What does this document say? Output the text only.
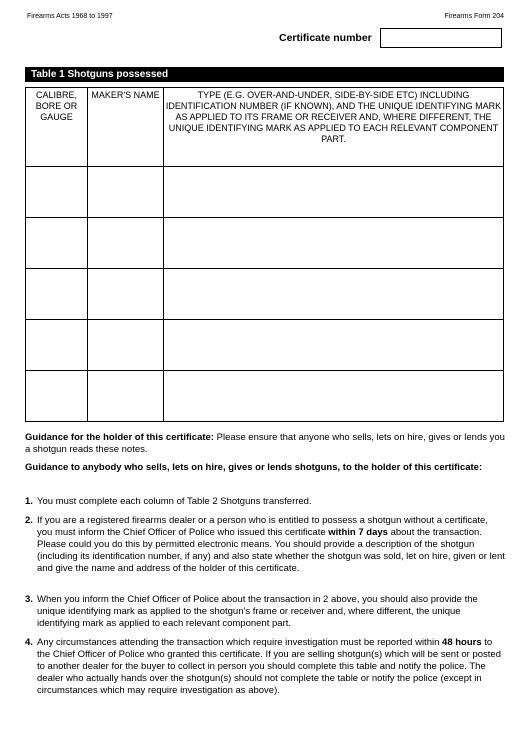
Firearms Acts 1968 to 1997	Firearms Form 204
Certificate number
Table 1 Shotguns possessed
CALIBRE, BORE OR GAUGE	MAKER'S NAME	TYPE (E.G. OVER-AND-UNDER, SIDE-BY-SIDE ETC) INCLUDING IDENTIFICATION NUMBER (IF KNOWN), AND THE UNIQUE IDENTIFYING MARK AS APPLIED TO ITS FRAME OR RECEIVER AND, WHERE DIFFERENT, THE UNIQUE IDENTIFYING MARK AS APPLIED TO EACH RELEVANT COMPONENT PART.

Guidance for the holder of this certificate: Please ensure that anyone who sells, lets on hire, gives or lends you a shotgun reads these notes.
Guidance to anybody who sells, lets on hire, gives or lends shotguns, to the holder of this certificate:
1. You must complete each column of Table 2 Shotguns transferred.
2. If you are a registered firearms dealer or a person who is entitled to possess a shotgun without a certificate, you must inform the Chief Officer of Police who issued this certificate within 7 days about the transaction. Please could you do this by permitted electronic means. You should provide a description of the shotgun (including its identification number, if any) and also state whether the shotgun was sold, let on hire, given or lent and give the name and address of the holder of this certificate.
3. When you inform the Chief Officer of Police about the transaction in 2 above, you should also provide the unique identifying mark as applied to the shotgun's frame or receiver and, where different, the unique identifying mark as applied to each relevant component part.
4. Any circumstances attending the transaction which require investigation must be reported within 48 hours to the Chief Officer of Police who granted this certificate. If you are selling shotgun(s) which will be sent or posted to another dealer for the buyer to collect in person you should complete this table and notify the police. The dealer who actually hands over the shotgun(s) should not complete the table or notify the police (except in circumstances which may require investigation as above).
